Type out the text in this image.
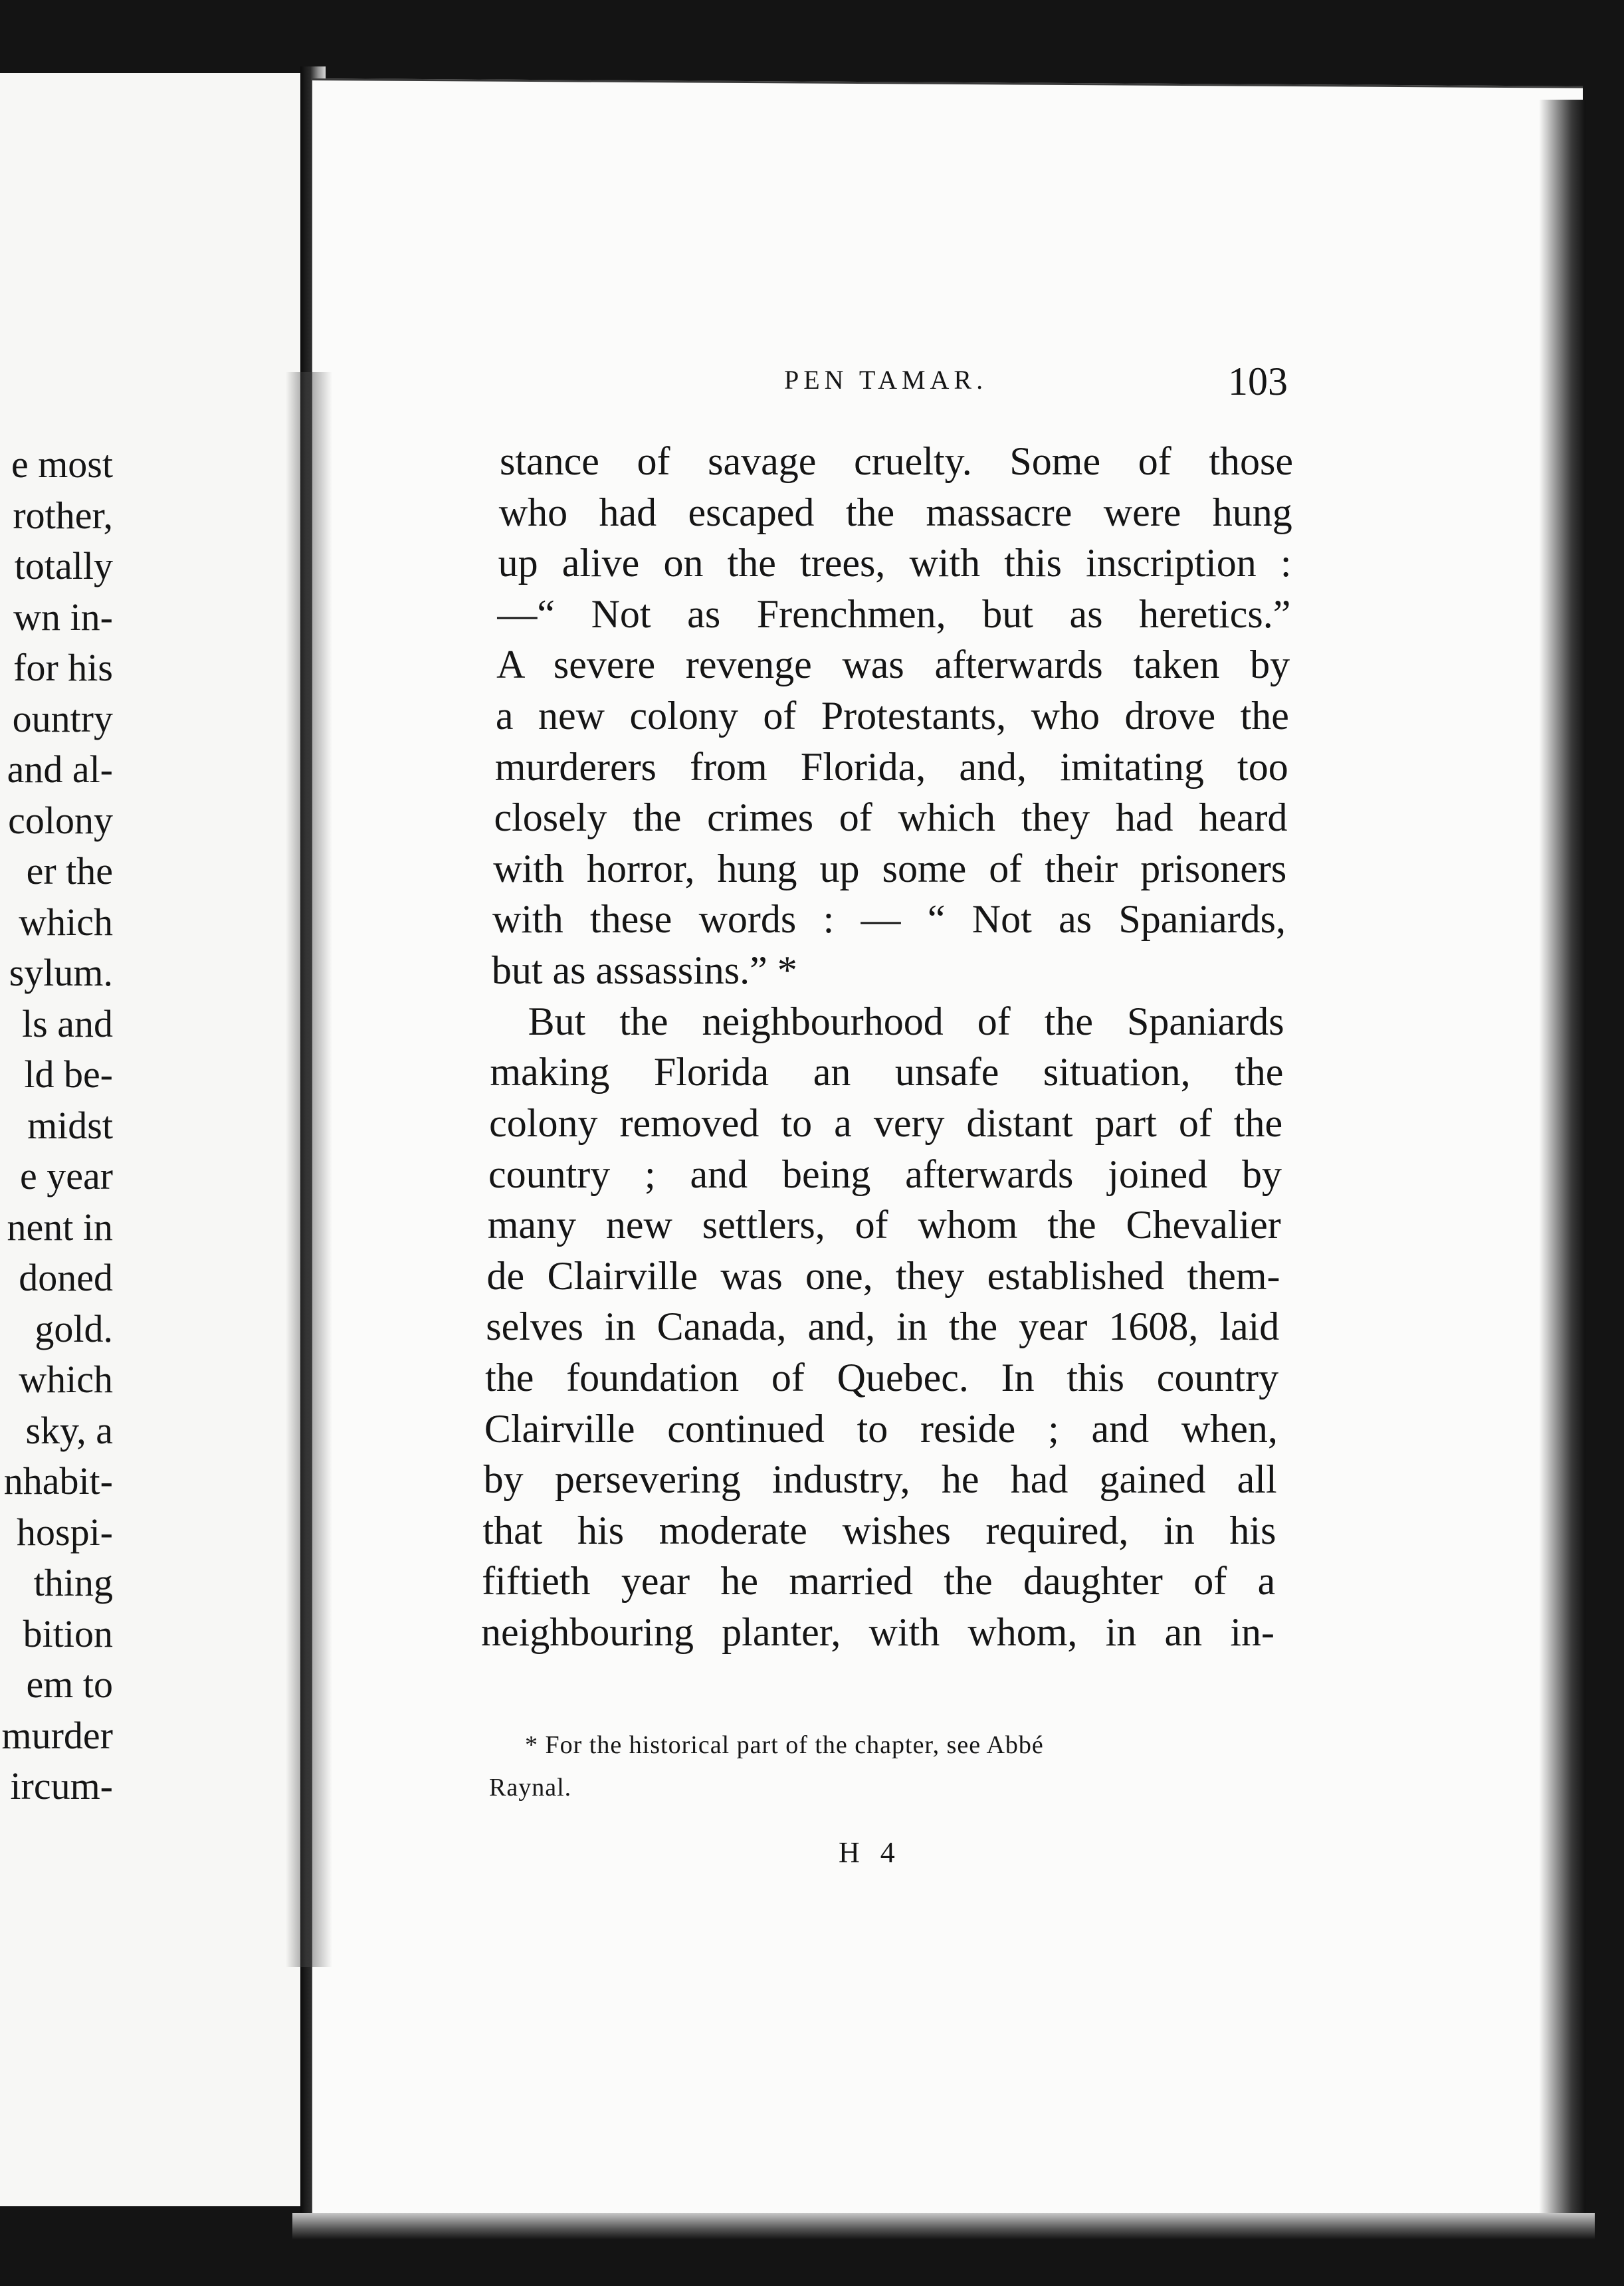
e most
rother,
totally
wn in-
for his
ountry
and al-
colony
er the
which
sylum.
ls and
ld be-
midst
e year
nent in
doned
gold.
which
sky, a
nhabit-
hospi-
thing
bition
em to
murder
ircum-
PEN TAMAR.	103
stance of savage cruelty. Some of those
who had escaped the massacre were hung
up alive on the trees, with this inscription :
—“ Not as Frenchmen, but as heretics.”
A severe revenge was afterwards taken by
a new colony of Protestants, who drove the
murderers from Florida, and, imitating too
closely the crimes of which they had heard
with horror, hung up some of their prisoners
with these words : — “ Not as Spaniards,
but as assassins.” *
But the neighbourhood of the Spaniards
making Florida an unsafe situation, the
colony removed to a very distant part of the
country ; and being afterwards joined by
many new settlers, of whom the Chevalier
de Clairville was one, they established them-
selves in Canada, and, in the year 1608, laid
the foundation of Quebec. In this country
Clairville continued to reside ; and when,
by persevering industry, he had gained all
that his moderate wishes required, in his
fiftieth year he married the daughter of a
neighbouring planter, with whom, in an in-
* For the historical part of the chapter, see Abbé
Raynal.
H 4
